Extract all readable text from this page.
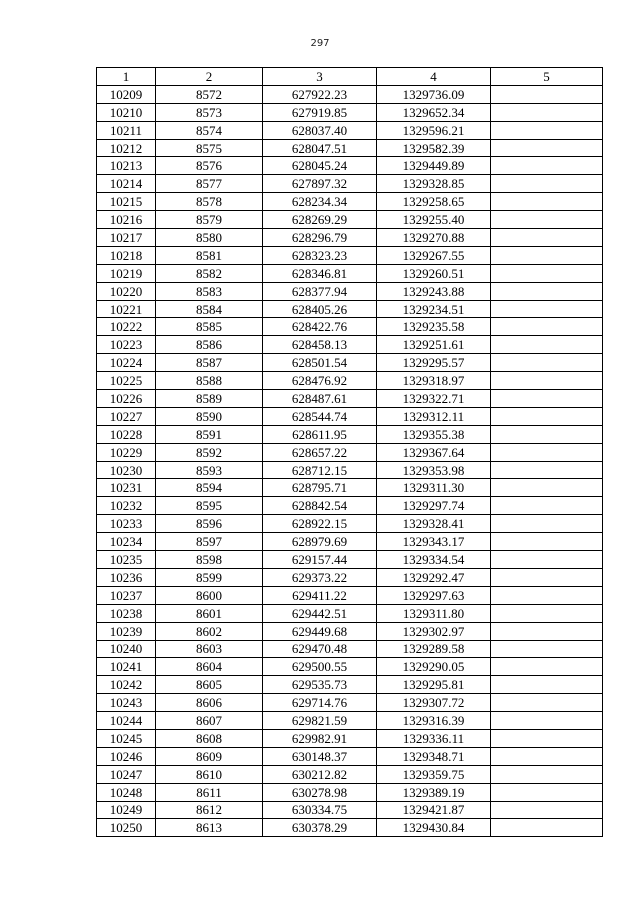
297
1	2	3	4	5
10209	8572	627922.23	1329736.09	
10210	8573	627919.85	1329652.34	
10211	8574	628037.40	1329596.21	
10212	8575	628047.51	1329582.39	
10213	8576	628045.24	1329449.89	
10214	8577	627897.32	1329328.85	
10215	8578	628234.34	1329258.65	
10216	8579	628269.29	1329255.40	
10217	8580	628296.79	1329270.88	
10218	8581	628323.23	1329267.55	
10219	8582	628346.81	1329260.51	
10220	8583	628377.94	1329243.88	
10221	8584	628405.26	1329234.51	
10222	8585	628422.76	1329235.58	
10223	8586	628458.13	1329251.61	
10224	8587	628501.54	1329295.57	
10225	8588	628476.92	1329318.97	
10226	8589	628487.61	1329322.71	
10227	8590	628544.74	1329312.11	
10228	8591	628611.95	1329355.38	
10229	8592	628657.22	1329367.64	
10230	8593	628712.15	1329353.98	
10231	8594	628795.71	1329311.30	
10232	8595	628842.54	1329297.74	
10233	8596	628922.15	1329328.41	
10234	8597	628979.69	1329343.17	
10235	8598	629157.44	1329334.54	
10236	8599	629373.22	1329292.47	
10237	8600	629411.22	1329297.63	
10238	8601	629442.51	1329311.80	
10239	8602	629449.68	1329302.97	
10240	8603	629470.48	1329289.58	
10241	8604	629500.55	1329290.05	
10242	8605	629535.73	1329295.81	
10243	8606	629714.76	1329307.72	
10244	8607	629821.59	1329316.39	
10245	8608	629982.91	1329336.11	
10246	8609	630148.37	1329348.71	
10247	8610	630212.82	1329359.75	
10248	8611	630278.98	1329389.19	
10249	8612	630334.75	1329421.87	
10250	8613	630378.29	1329430.84	
